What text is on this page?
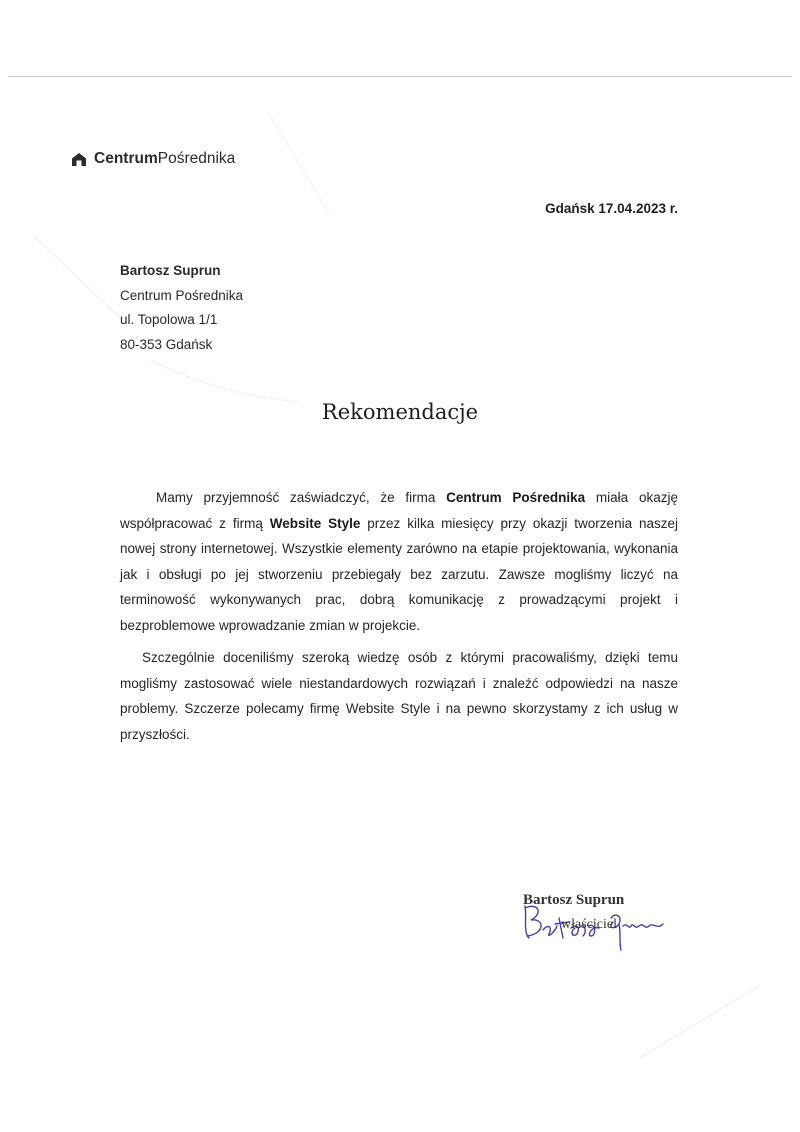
CentrumPośrednika
Gdańsk 17.04.2023 r.
Bartosz Suprun
Centrum Pośrednika
ul. Topolowa 1/1
80-353 Gdańsk
Rekomendacje

Mamy przyjemność zaświadczyć, że firma Centrum Pośrednika miała okazję współpracować z firmą Website Style przez kilka miesięcy przy okazji tworzenia naszej nowej strony internetowej. Wszystkie elementy zarówno na etapie projektowania, wykonania jak i obsługi po jej stworzeniu przebiegały bez zarzutu. Zawsze mogliśmy liczyć na terminowość wykonywanych prac, dobrą komunikację z prowadzącymi projekt i bezproblemowe wprowadzanie zmian w projekcie.

Szczególnie doceniliśmy szeroką wiedzę osób z którymi pracowaliśmy, dzięki temu mogliśmy zastosować wiele niestandardowych rozwiązań i znaleźć odpowiedzi na nasze problemy. Szczerze polecamy firmę Website Style i na pewno skorzystamy z ich usług w przyszłości.

Bartosz Suprun
właściciel
